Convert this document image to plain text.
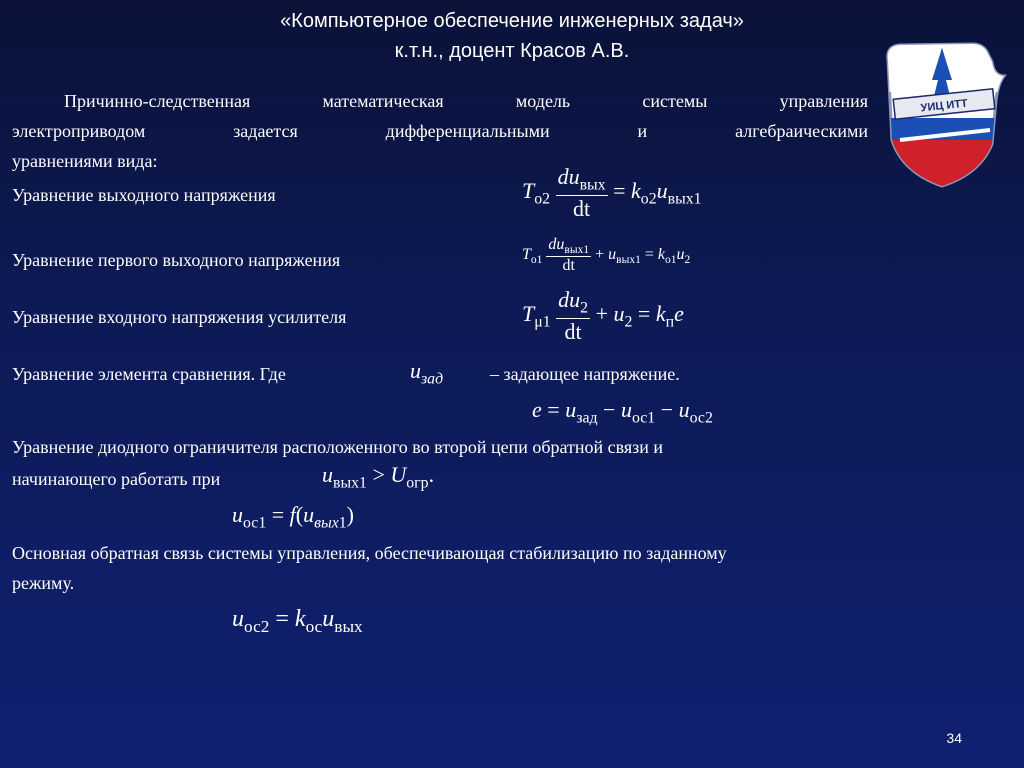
«Компьютерное обеспечение инженерных задач»
к.т.н., доцент Красов А.В.
УИЦ ИТТ
Причинно-следственная математическая модель системы управления
электроприводом задается дифференциальными и алгебраическими
уравнениями вида:
Уравнение выходного напряжения	$T_{o2} \frac{du_{вых}}{dt} = k_{o2}u_{вых1}$
Уравнение первого выходного напряжения	$T_{o1} \frac{du_{вых1}}{dt} + u_{вых1} = k_{o1}u_2$
Уравнение входного напряжения усилителя	$T_{\mu 1} \frac{du_2}{dt} + u_2 = k_пe$
Уравнение элемента сравнения. Где	$u_{зад}$	– задающее напряжение.
$e = u_{зад} - u_{ос1} - u_{ос2}$
Уравнение диодного ограничителя расположенного во второй цепи обратной связи и
начинающего работать при	$u_{вых1} > U_{огр}$.
$u_{ос1} = f(u_{вых1})$
Основная обратная связь системы управления, обеспечивающая стабилизацию по заданному
режиму.
$u_{ос2} = k_{ос}u_{вых}$
34
